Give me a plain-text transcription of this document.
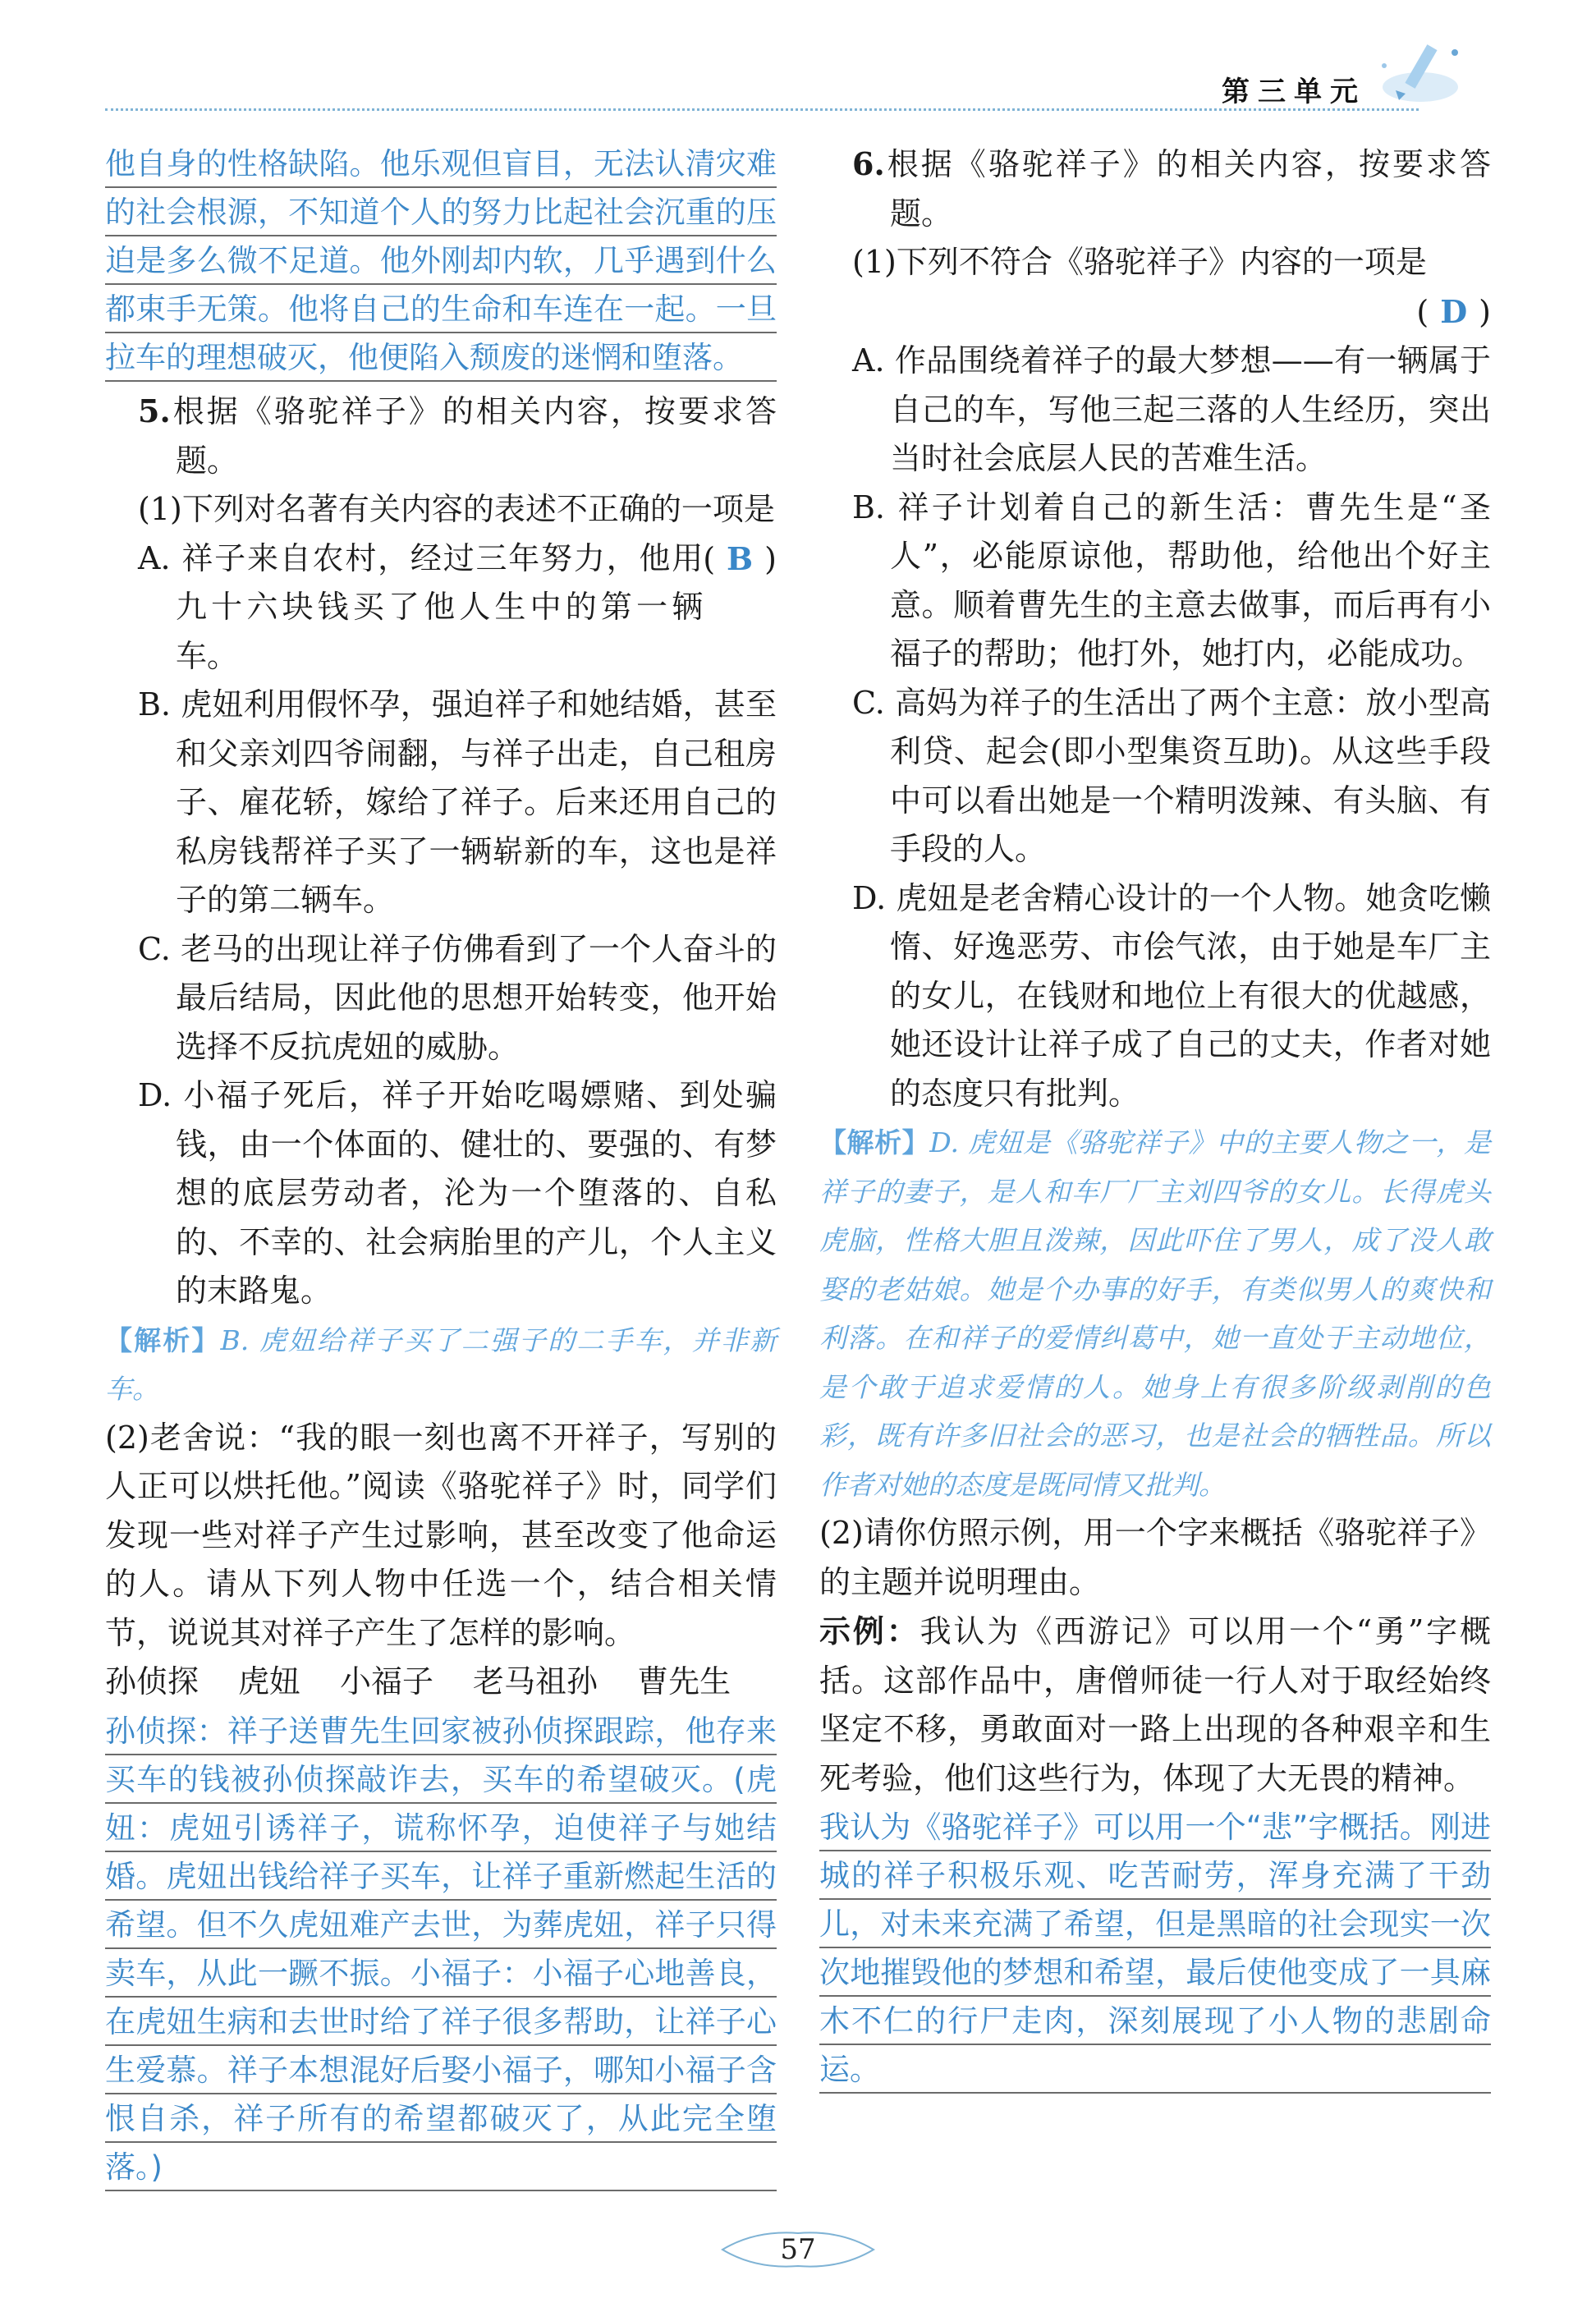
第三单元
他自身的性格缺陷。他乐观但盲目，无法认清灾难的社会根源，不知道个人的努力比起社会沉重的压迫是多么微不足道。他外刚却内软，几乎遇到什么都束手无策。他将自己的生命和车连在一起。一旦拉车的理想破灭，他便陷入颓废的迷惘和堕落。
5.根据《骆驼祥子》的相关内容，按要求答题。
(1)下列对名著有关内容的表述不正确的一项是
( B )
A. 祥子来自农村，经过三年努力，他用九十六块钱买了他人生中的第一辆车。
B. 虎妞利用假怀孕，强迫祥子和她结婚，甚至和父亲刘四爷闹翻，与祥子出走，自己租房子、雇花轿，嫁给了祥子。后来还用自己的私房钱帮祥子买了一辆崭新的车，这也是祥子的第二辆车。
C. 老马的出现让祥子仿佛看到了一个人奋斗的最后结局，因此他的思想开始转变，他开始选择不反抗虎妞的威胁。
D. 小福子死后，祥子开始吃喝嫖赌、到处骗钱，由一个体面的、健壮的、要强的、有梦想的底层劳动者，沦为一个堕落的、自私的、不幸的、社会病胎里的产儿，个人主义的末路鬼。
【解析】B. 虎妞给祥子买了二强子的二手车，并非新车。
(2)老舍说：“我的眼一刻也离不开祥子，写别的人正可以烘托他。”阅读《骆驼祥子》时，同学们发现一些对祥子产生过影响，甚至改变了他命运的人。请从下列人物中任选一个，结合相关情节，说说其对祥子产生了怎样的影响。
孙侦探 虎妞 小福子 老马祖孙 曹先生
孙侦探：祥子送曹先生回家被孙侦探跟踪，他存来买车的钱被孙侦探敲诈去，买车的希望破灭。(虎妞：虎妞引诱祥子，谎称怀孕，迫使祥子与她结婚。虎妞出钱给祥子买车，让祥子重新燃起生活的希望。但不久虎妞难产去世，为葬虎妞，祥子只得卖车，从此一蹶不振。小福子：小福子心地善良，在虎妞生病和去世时给了祥子很多帮助，让祥子心生爱慕。祥子本想混好后娶小福子，哪知小福子含恨自杀，祥子所有的希望都破灭了，从此完全堕落。)
6.根据《骆驼祥子》的相关内容，按要求答题。
(1)下列不符合《骆驼祥子》内容的一项是
( D )
A. 作品围绕着祥子的最大梦想——有一辆属于自己的车，写他三起三落的人生经历，突出当时社会底层人民的苦难生活。
B. 祥子计划着自己的新生活：曹先生是“圣人”，必能原谅他，帮助他，给他出个好主意。顺着曹先生的主意去做事，而后再有小福子的帮助；他打外，她打内，必能成功。
C. 高妈为祥子的生活出了两个主意：放小型高利贷、起会(即小型集资互助)。从这些手段中可以看出她是一个精明泼辣、有头脑、有手段的人。
D. 虎妞是老舍精心设计的一个人物。她贪吃懒惰、好逸恶劳、市侩气浓，由于她是车厂主的女儿，在钱财和地位上有很大的优越感，她还设计让祥子成了自己的丈夫，作者对她的态度只有批判。
【解析】D. 虎妞是《骆驼祥子》中的主要人物之一，是祥子的妻子，是人和车厂厂主刘四爷的女儿。长得虎头虎脑，性格大胆且泼辣，因此吓住了男人，成了没人敢娶的老姑娘。她是个办事的好手，有类似男人的爽快和利落。在和祥子的爱情纠葛中，她一直处于主动地位，是个敢于追求爱情的人。她身上有很多阶级剥削的色彩，既有许多旧社会的恶习，也是社会的牺牲品。所以作者对她的态度是既同情又批判。
(2)请你仿照示例，用一个字来概括《骆驼祥子》的主题并说明理由。
示例：我认为《西游记》可以用一个“勇”字概括。这部作品中，唐僧师徒一行人对于取经始终坚定不移，勇敢面对一路上出现的各种艰辛和生死考验，他们这些行为，体现了大无畏的精神。
我认为《骆驼祥子》可以用一个“悲”字概括。刚进城的祥子积极乐观、吃苦耐劳，浑身充满了干劲儿，对未来充满了希望，但是黑暗的社会现实一次次地摧毁他的梦想和希望，最后使他变成了一具麻木不仁的行尸走肉，深刻展现了小人物的悲剧命运。
57
